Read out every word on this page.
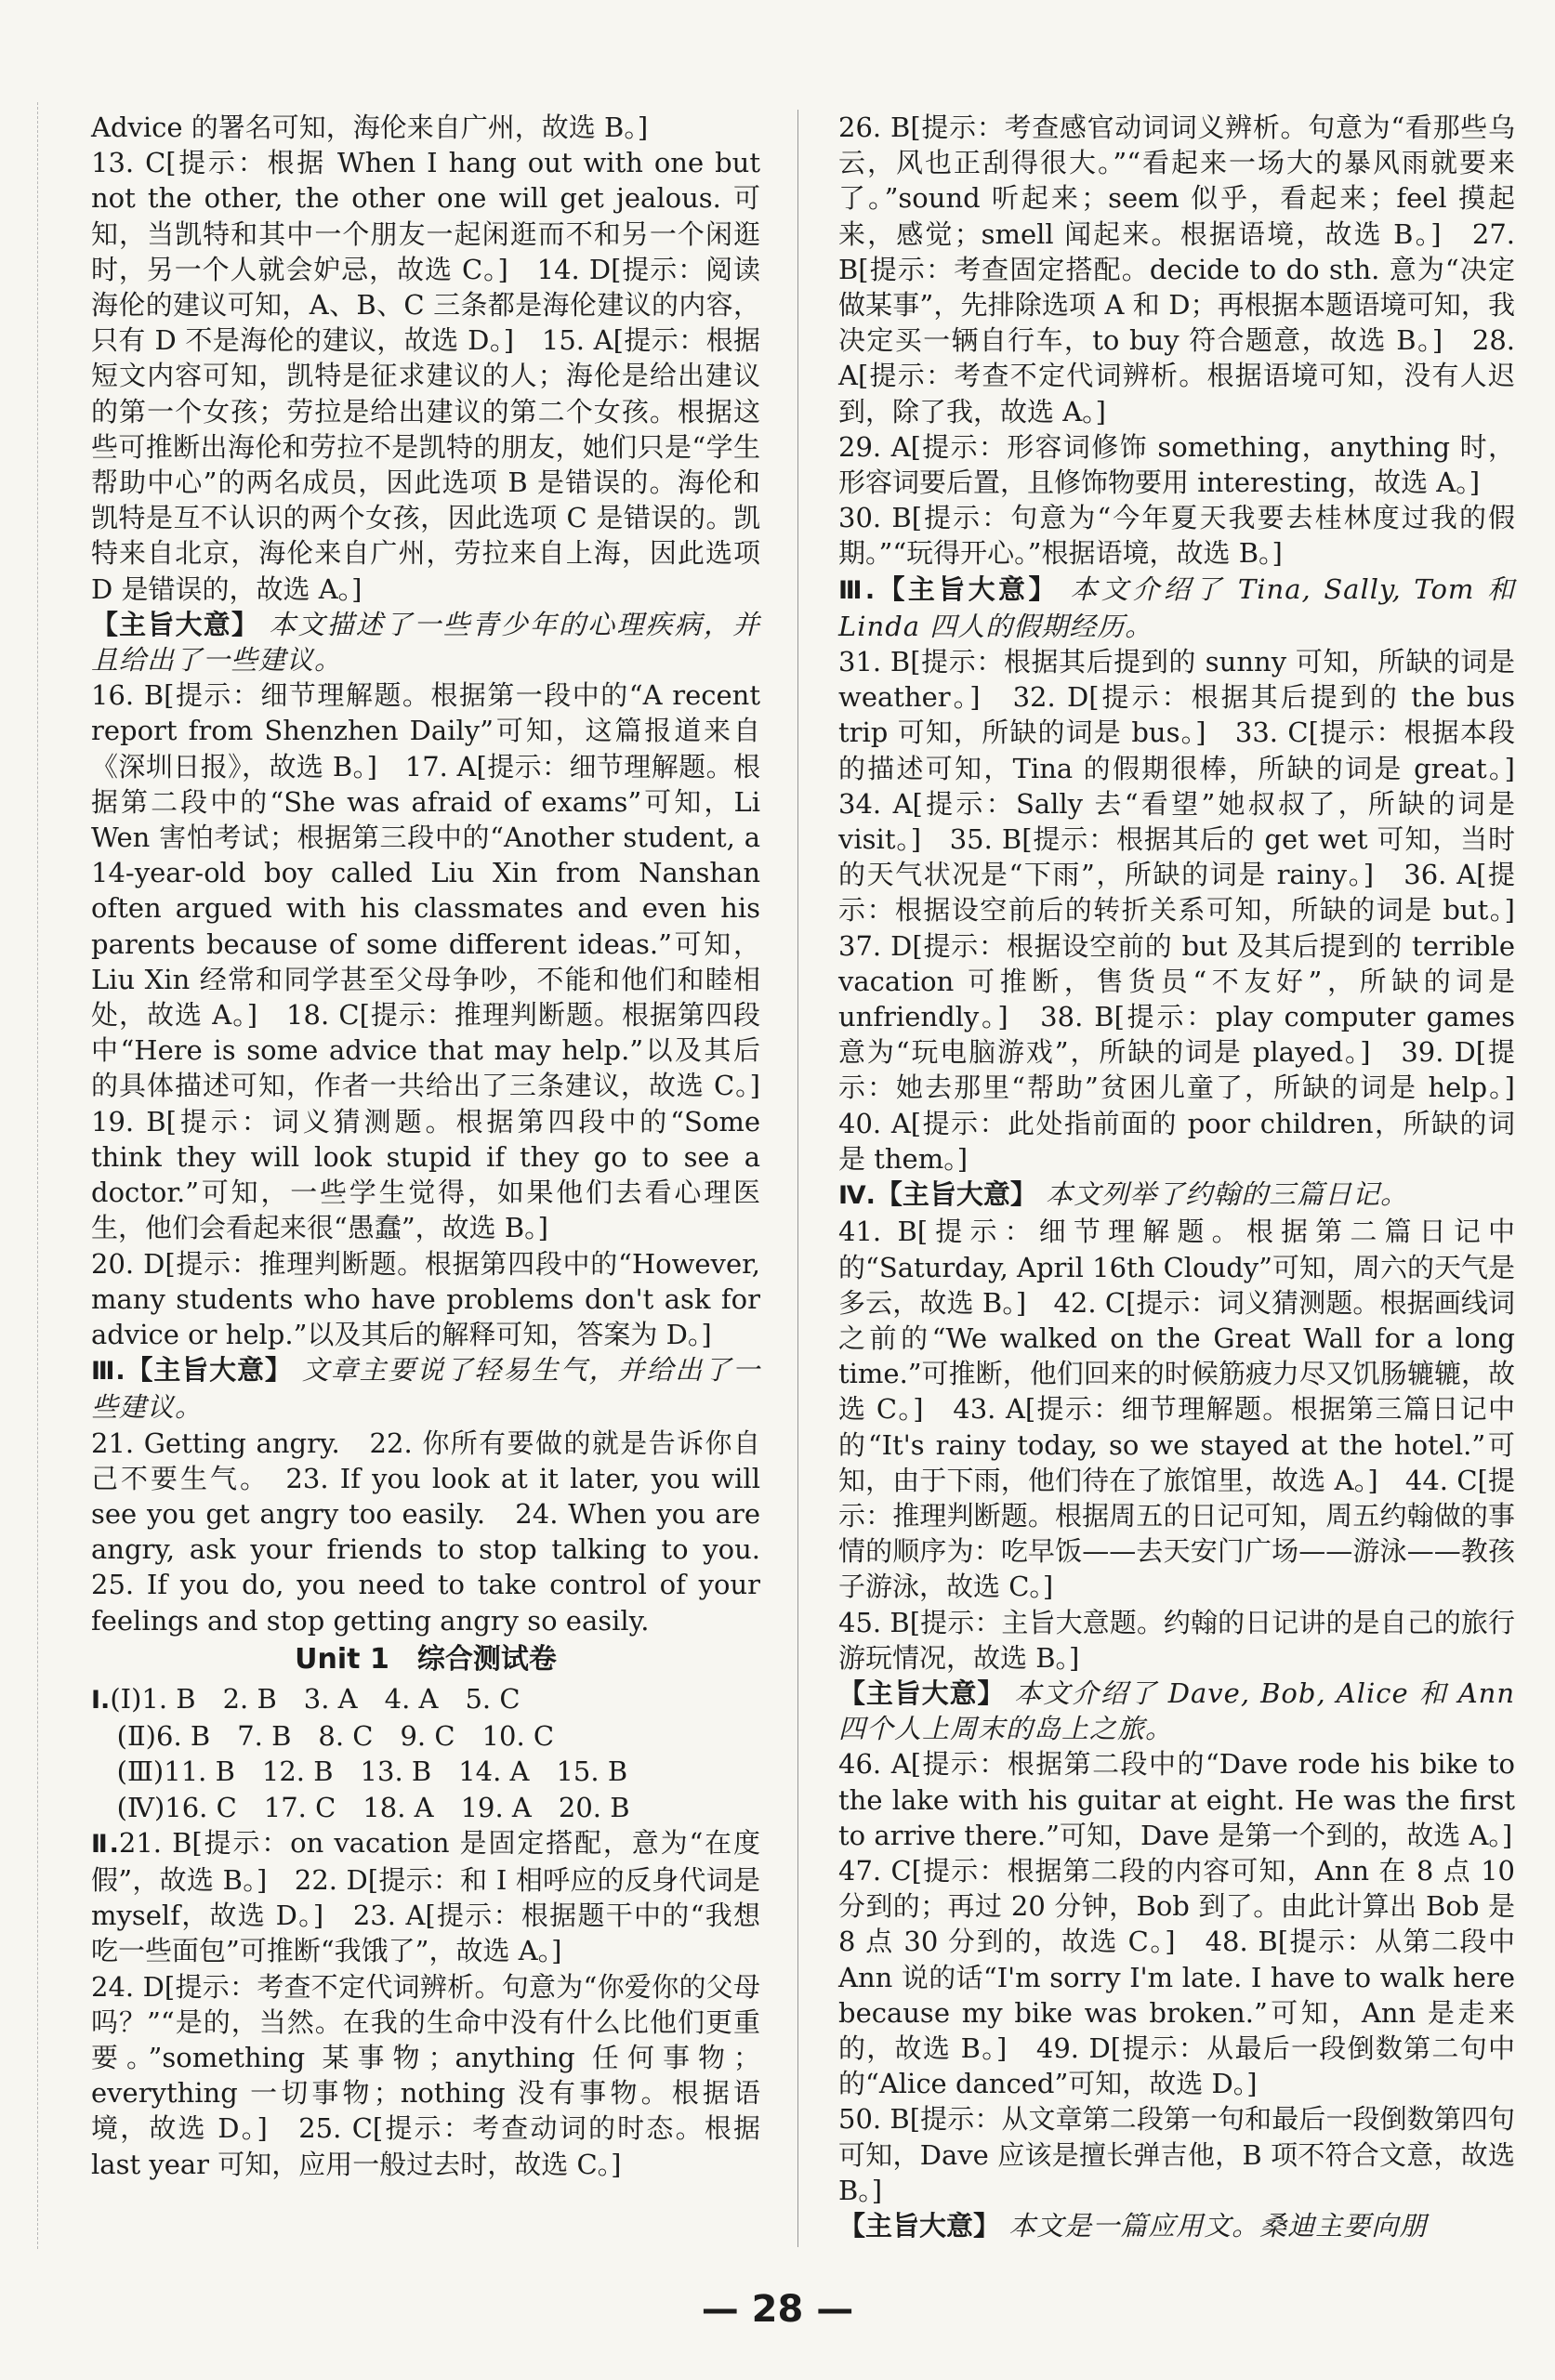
Advice 的署名可知，海伦来自广州，故选 B。]

13. C[提示：根据 When I hang out with one but not the other, the other one will get jealous. 可知，当凯特和其中一个朋友一起闲逛而不和另一个闲逛时，另一个人就会妒忌，故选 C。]　14. D[提示：阅读海伦的建议可知，A、B、C 三条都是海伦建议的内容，只有 D 不是海伦的建议，故选 D。]　15. A[提示：根据短文内容可知，凯特是征求建议的人；海伦是给出建议的第一个女孩；劳拉是给出建议的第二个女孩。根据这些可推断出海伦和劳拉不是凯特的朋友，她们只是“学生帮助中心”的两名成员，因此选项 B 是错误的。海伦和凯特是互不认识的两个女孩，因此选项 C 是错误的。凯特来自北京，海伦来自广州，劳拉来自上海，因此选项 D 是错误的，故选 A。]

【主旨大意】 本文描述了一些青少年的心理疾病，并且给出了一些建议。

16. B[提示：细节理解题。根据第一段中的“A recent report from Shenzhen Daily”可知，这篇报道来自《深圳日报》，故选 B。]　17. A[提示：细节理解题。根据第二段中的“She was afraid of exams”可知，Li Wen 害怕考试；根据第三段中的“Another student, a 14-year-old boy called Liu Xin from Nanshan often argued with his classmates and even his parents because of some different ideas.”可知，Liu Xin 经常和同学甚至父母争吵，不能和他们和睦相处，故选 A。]　18. C[提示：推理判断题。根据第四段中“Here is some advice that may help.”以及其后的具体描述可知，作者一共给出了三条建议，故选 C。]　19. B[提示：词义猜测题。根据第四段中的“Some think they will look stupid if they go to see a doctor.”可知，一些学生觉得，如果他们去看心理医生，他们会看起来很“愚蠢”，故选 B。]

20. D[提示：推理判断题。根据第四段中的“However, many students who have problems don't ask for advice or help.”以及其后的解释可知，答案为 D。]

Ⅲ.【主旨大意】 文章主要说了轻易生气，并给出了一些建议。

21. Getting angry.　22. 你所有要做的就是告诉你自己不要生气。　23. If you look at it later, you will see you get angry too easily.　24. When you are angry, ask your friends to stop talking to you.　25. If you do, you need to take control of your feelings and stop getting angry so easily.

Unit 1　综合测试卷

Ⅰ.(Ⅰ)1. B　2. B　3. A　4. A　5. C

(Ⅱ)6. B　7. B　8. C　9. C　10. C

(Ⅲ)11. B　12. B　13. B　14. A　15. B

(Ⅳ)16. C　17. C　18. A　19. A　20. B

Ⅱ.21. B[提示：on vacation 是固定搭配，意为“在度假”，故选 B。]　22. D[提示：和 I 相呼应的反身代词是 myself，故选 D。]　23. A[提示：根据题干中的“我想吃一些面包”可推断“我饿了”，故选 A。]

24. D[提示：考查不定代词辨析。句意为“你爱你的父母吗？”“是的，当然。在我的生命中没有什么比他们更重要。”something 某事物；anything 任何事物；everything 一切事物；nothing 没有事物。根据语境，故选 D。]　25. C[提示：考查动词的时态。根据 last year 可知，应用一般过去时，故选 C。]

26. B[提示：考查感官动词词义辨析。句意为“看那些乌云，风也正刮得很大。”“看起来一场大的暴风雨就要来了。”sound 听起来；seem 似乎，看起来；feel 摸起来，感觉；smell 闻起来。根据语境，故选 B。]　27. B[提示：考查固定搭配。decide to do sth. 意为“决定做某事”，先排除选项 A 和 D；再根据本题语境可知，我决定买一辆自行车，to buy 符合题意，故选 B。]　28. A[提示：考查不定代词辨析。根据语境可知，没有人迟到，除了我，故选 A。]

29. A[提示：形容词修饰 something，anything 时，形容词要后置，且修饰物要用 interesting，故选 A。]

30. B[提示：句意为“今年夏天我要去桂林度过我的假期。”“玩得开心。”根据语境，故选 B。]

Ⅲ.【主旨大意】 本文介绍了 Tina, Sally, Tom 和 Linda 四人的假期经历。

31. B[提示：根据其后提到的 sunny 可知，所缺的词是 weather。]　32. D[提示：根据其后提到的 the bus trip 可知，所缺的词是 bus。]　33. C[提示：根据本段的描述可知，Tina 的假期很棒，所缺的词是 great。]　34. A[提示：Sally 去“看望”她叔叔了，所缺的词是 visit。]　35. B[提示：根据其后的 get wet 可知，当时的天气状况是“下雨”，所缺的词是 rainy。]　36. A[提示：根据设空前后的转折关系可知，所缺的词是 but。]　37. D[提示：根据设空前的 but 及其后提到的 terrible vacation 可推断，售货员“不友好”，所缺的词是 unfriendly。]　38. B[提示：play computer games 意为“玩电脑游戏”，所缺的词是 played。]　39. D[提示：她去那里“帮助”贫困儿童了，所缺的词是 help。]　40. A[提示：此处指前面的 poor children，所缺的词是 them。]

Ⅳ.【主旨大意】 本文列举了约翰的三篇日记。

41. B[提示：细节理解题。根据第二篇日记中的“Saturday, April 16th Cloudy”可知，周六的天气是多云，故选 B。]　42. C[提示：词义猜测题。根据画线词之前的“We walked on the Great Wall for a long time.”可推断，他们回来的时候筋疲力尽又饥肠辘辘，故选 C。]　43. A[提示：细节理解题。根据第三篇日记中的“It's rainy today, so we stayed at the hotel.”可知，由于下雨，他们待在了旅馆里，故选 A。]　44. C[提示：推理判断题。根据周五的日记可知，周五约翰做的事情的顺序为：吃早饭——去天安门广场——游泳——教孩子游泳，故选 C。]

45. B[提示：主旨大意题。约翰的日记讲的是自己的旅行游玩情况，故选 B。]

【主旨大意】 本文介绍了 Dave, Bob, Alice 和 Ann 四个人上周末的岛上之旅。

46. A[提示：根据第二段中的“Dave rode his bike to the lake with his guitar at eight. He was the first to arrive there.”可知，Dave 是第一个到的，故选 A。]

47. C[提示：根据第二段的内容可知，Ann 在 8 点 10 分到的；再过 20 分钟，Bob 到了。由此计算出 Bob 是 8 点 30 分到的，故选 C。]　48. B[提示：从第二段中 Ann 说的话“I'm sorry I'm late. I have to walk here because my bike was broken.”可知，Ann 是走来的，故选 B。]　49. D[提示：从最后一段倒数第二句中的“Alice danced”可知，故选 D。]

50. B[提示：从文章第二段第一句和最后一段倒数第四句可知，Dave 应该是擅长弹吉他，B 项不符合文意，故选 B。]

【主旨大意】 本文是一篇应用文。桑迪主要向朋

— 28 —
